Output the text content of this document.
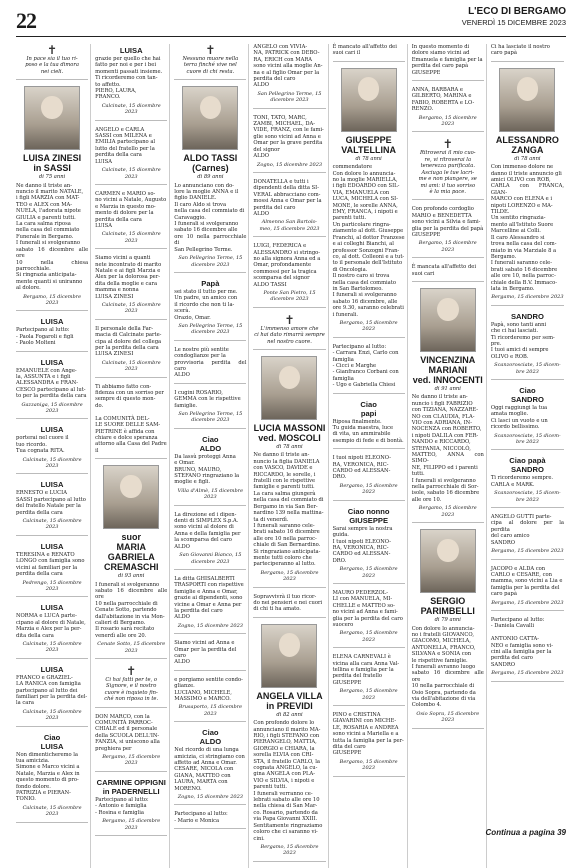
22	L'ECO DI BERGAMO
VENERDÌ 15 DICEMBRE 2023
✝
In pace sia il tuo ri-
poso e la tua dimora
nei cieli.
LUISA ZINESI
in SASSI
di 75 anni
Ne danno il triste an-
nuncio il marito NATALE,
i figli MARZIA con MAT-
TEO e ALEX con MA-
NUELA, l'adorata nipote
GIULIA e parenti tutti.
La cara salma riposa
nella casa del commiato
Funerale in Bergamo.
I funerali si svolgeranno
sabato 16 dicembre alle ore
10 nella chiesa parrocchiale.
Si ringrazia anticipata-
mente quanti si uniranno
al dolore.
Bergamo, 15 dicembre 2023
LUISA
Partecipano al lutto:
- Paola Fogaroli e figli
- Paolo Molteni
LUISA
EMANUELE con Ange-
la, ASSUNTA e i figli
ALESSANDRA e FRAN-
CESCO partecipano al lut-
to per la perdita della cara
Gazzaniga, 15 dicembre 2023
LUISA
porterai nel cuore il
tuo ricordo.
Tua cognata RITA.
Calcinate, 15 dicembre 2023
LUISA
ERNESTO e LUCIA
SASSI partecipano al lutto
del fratello Natale per la
perdita della cara
Calcinate, 15 dicembre 2023
LUISA
TERESINA e RENATO
LONGO con famiglia sono
vicini ai familiari per la
perdita della cara
Pedrengo, 15 dicembre 2023
LUISA
NORMA e LUCA parte-
cipano al dolore di Natale,
Marzia e Alex per la per-
dita della cara
Calcinate, 15 dicembre 2023
LUISA
FRANCO e GRAZIEL-
LA RANICA con famiglia
partecipano al lutto dei
familiari per la perdita del-
la cara
Calcinate, 15 dicembre 2023
Ciao
LUISA
Non dimenticheremo la
tua amicizia.
Simone e Marco vicini a
Natale, Marzia e Alex in
questo momento di pro-
fondo dolore.
PATRIZIA e PIERAN-
TONIO.
Calcinate, 15 dicembre 2023
LUISA
grazie per quello che hai
fatto per noi e per i bei
momenti passati insieme.
Ti ricorderemo con tan-
to affetto.
PIERO, LAURA,
FRANCO.
Calcinate, 15 dicembre 2023
ANGELO e CARLA
SASSI con MILENA e
EMILIA partecipano al
lutto del fratello per la
perdita della cara
LUISA
Calcinate, 15 dicembre 2023
CARMEN e MARIO so-
no vicini a Natale, Augusto
e Marzia in questo mo-
mento di dolore per la
perdita della cara
LUISA
Calcinate, 15 dicembre 2023
Siamo vicini a quanti
nete incontrato di marito
Natale e ai figli Marzia e
Alex per la dolorosa per-
dita della moglie e cara
mamma e nonna
LUISA ZINESI
Calcinate, 15 dicembre 2023
Il personale della Far-
macia di Calcinate parte-
cipa al dolore del collega
per la perdita della cara
LUISA ZINESI
Calcinate, 15 dicembre 2023
Ti abbiamo fatto con-
fidenza con un sorriso per
sempre di questo mon-
do.

La COMUNITÀ DEL-
LE SUORE DELLE SAM-
PIETRINE è affida con
chiare e dolce speranza
attorno alla Casa del Padre
il
suor
MARIA GABRIELA
CREMASCHI
di 93 anni
I funerali si svolgeranno
sabato 16 dicembre alle ore
10 nella parrocchiale di
Cenate Sotto, partendo
dall'abitazione in via Mon-
calieri di Bergamo.
Il rosario sarà recitato
venerdì alle ore 20.
Cenate Sotto, 15 dicembre 2023
✝
Ci hai fatti per te, o
Signore, e il nostro
cuore è inquieto fin-
ché non riposa in te.
DON MARCO, con la
COMUNITÀ PARROC-
CHIALE ed il personale
della SCUOLA DELL'IN-
FANZIA, si uniscono alla
preghiera per
Bergamo, 15 dicembre 2023
CARMINE OPPIGNI
in PADERNELLI
Partecipano al lutto:
- Antonio e famiglia
- Rosina e famiglia
Bergamo, 15 dicembre 2023
✝
Nessuno muore nella
terra finché vive nel
cuore di chi resta.
ALDO TASSI
(Carnes)
di 89 anni
Lo annunciano con do-
lore la moglie ANNA e il
figlio DANIELE.
Il caro Aldo si trova
nella casa del commiato di
Caravaggio.
I funerali si svolgeranno
sabato 16 dicembre alle
ore 10 nella parrocchiale di
San Pellegrino Terme.
San Pellegrino Terme, 15 dicembre 2023
Papà
sei stato il tutto per me.
Un padre, un amico con
il ricordo che non ti la-
scerà.
Orazio, Omar.
San Pellegrino Terme, 15 dicembre 2023
Le nostre più sentite
condoglianze per la
provvisoria perdita del caro
ALDO
I cugini ROSARIO,
GEMMA con le rispettive
famiglie.
San Pellegrino Terme, 15 dicembre 2023
Ciao
ALDO
Da lassù proteggi Anna
e Omar.
BRUNO, MAURO,
STEFANO ringraziano la
moglie e figli.
Villa d'Almè, 15 dicembre 2023
La direzione ed i dipen-
denti di SIMPLEX S.p.A.
sono vicini al dolore di
Anna e della famiglia per
la scomparsa del caro
ALDO
San Giovanni Bianco, 15 dicembre 2023
La ditta GHISALBERTI
TRASPORTI con rispettive
famiglie e Anna e Omar,
grazie ai dipendenti, sono
vicine a Omar e Anna per
la perdita del caro
ALDO
Zogno, 15 dicembre 2023
Siamo vicini ad Anna e
Omar per la perdita del
caro
ALDO
e porgiamo sentite condo-
glianze.
LUCIANO, MICHELE,
MASSIMO e MARCO.
Brusaporto, 15 dicembre 2023
Ciao
ALDO
Nel ricordo di una lunga
amicizia, ci stringiamo con
affetto ad Anna e Omar.
CESARE, NICOLA con
GIANA, MATTEO con
LAURA, MARTA con
MORENO.
Zogno, 15 dicembre 2023
Partecipano al lutto:
- Mario e Monica
ANGELO con VIVIA-
NA, PATRICK con DEBO-
RA, ERICH con MARA
sono vicini alla moglie An-
na e al figlio Omar per la
perdita del caro
ALDO
San Pellegrino Terme, 15 dicembre 2023
TONI, TATO, MARC,
ZAMBI, MICHAEL, DA-
VIDE, FRANZ, con le fami-
glie sono vicini ad Anna e
Omar per la grave perdita
del signor
ALDO
Zogno, 15 dicembre 2023
DONATELLA e tutti i
dipendenti della ditta SI-
VERAL abbracciano com-
mossi Anna e Omar per la
perdita del caro
ALDO
Almenno San Bartolo-
meo, 15 dicembre 2023
LUIGI, FEDERICA e
ALESSANDRO si stringo-
no alla signora Anna ed a
Omar, profondamente
commossi per la tragica
scomparsa del signor
ALDO TASSI
Ponte San Pietro, 15 dicembre 2023
✝
L'immenso amore che
ci hai dato rimarrà sempre
nel nostro cuore.
LUCIA MASSONI
ved. MOSCOLI
di 78 anni
Ne danno il triste an-
nuncio la figlia DANIELA
con VASCO, DAVIDE e
RICCARDO, le sorelle, i
fratelli con le rispettive
famiglie e parenti tutti.
La cara salma giungerà
nella casa del commiato di
Bergamo in via San Ber-
nardino 139 nella mattina-
ta di venerdì.
I funerali saranno cele-
brati sabato 16 dicembre
alle ore 10 nella parroc-
chiale di San Bernardino.
Si ringraziano anticipata-
mente tutti coloro che
parteciperanno al lutto.
Bergamo, 15 dicembre 2023
Sopravvivrà il tuo ricor-
do nei pensieri e nei cuori
di chi ti ha amato.
ANGELA VILLA
in PREVIDI
di 82 anni
Con profondo dolore lo
annunciano il marito MA-
RIO, i figli STEFANO con
PIERANGELO, MATTIA,
GIORGIO e CHIARA, la
sorella ELVIA con CRI-
STA, il fratello CARLO, la
cognata ANGELO, la cu-
gina ANGELA con PLA-
VIO e SILVIA, i nipoti e
parenti tutti.
I funerali verranno ce-
lebrati sabato alle ore 10
nella chiesa di San Mar-
co. Rosario, partendo da
via Papa Giovanni XXIII.
Sentitamente ringraziamo
coloro che ci saranno vi-
cini.
Bergamo, 15 dicembre 2023
È mancato all'affetto dei
suoi cari il
GIUSEPPE VALTELLINA
di 78 anni
commendatore
Con dolore lo annuncia-
no la moglie MARIELLA,
i figli EDOARDO con SIL-
VIA, EMANUELA con
LUCA, MICHELA con SI-
MONE, le sorelle ANNA,
EMY, FRANCA, i nipoti e
parenti tutti.
Un particolare ringra-
ziamento al dott. Giuseppe
Franchi, al dottor Franzese
e ai colleghi Bianchi, al
professor Sonzogni Fran-
co, al dott. Colleoni e a tut-
to il personale dell'Istituto
di Oncologia.
Il nostro caro si trova
nella casa del commiato
in San Bartolomeo.
I funerali si svolgeranno
sabato 16 dicembre, alle
ore 9.30, saranno celebrati
i funerali.
Bergamo, 15 dicembre 2023
Partecipano al lutto:
- Carrara Enzi, Carlo con
famiglia
- Cicci e Marghe
- Gianfranco Corbani con
famiglia
- Ugo e Gabriella Chiesi
Ciao
papi
Riposa finalmente.
Tu guida maestra, luce
di vita, un ammirabile
esempio di fede e di bontà.
I tuoi nipoti ELEONO-
RA, VERONICA, RIC-
CARDO ed ALESSAN-
DRO.
Bergamo, 15 dicembre 2023
Ciao nonno
GIUSEPPE
Sarai sempre la nostra
guida.
I tuoi nipoti ELEONO-
RA, VERONICA, RIC-
CARDO ed ALESSAN-
DRO.
Bergamo, 15 dicembre 2023
MAURO PEDERZOL-
LI con MANUELA, MI-
CHELLE e MATTEO so-
no vicini ad Anna e fami-
glia per la perdita del caro
suocero
Bergamo, 15 dicembre 2023
ELENA CARNEVALI è
vicina alla cara Anna Val-
tellina e famiglia per la
perdita del fratello
GIUSEPPE
Bergamo, 15 dicembre 2023
PINO e CRISTINA
GIAVARINI con MICHE-
LE, ROSARIA e ANDREA
sono vicini a Mariella e a
tutta la famiglia per la per-
dita del caro
GIUSEPPE
Bergamo, 15 dicembre 2023
In questo momento di
dolore siamo vicini ad
Emanuela e famiglia per la
perdita del caro papà
GIUSEPPE
ANNA, BARBARA e
GILBERTO, MARINA e
FABIO, ROBERTA e LO-
RENZO.
Bergamo, 15 dicembre 2023
✝
Ritroverai il mio cuo-
re, vi ritroverai la
tenerezza purificata.
Asciuga le tue lacri-
me e non piangere, se
mi ami: il tuo sorriso
è la mia pace.
Con profondo cordoglio
MARIO e BENEDETTA
sono vicini a Silvia e fami-
glia per la perdita del papà
GIUSEPPE
Bergamo, 15 dicembre 2023
È mancata all'affetto dei
suoi cari
VINCENZINA MARIANI
ved. INNOCENTI
di 91 anni
Ne danno il triste an-
nuncio i figli FABRIZIO
con TIZIANA, NAZZARE-
NO con CLAUDIA, FLA-
VIO con ADRIANA, IN-
NOCENZA con ROBERTO,
i nipoti DALILA con FER-
NANDO e RICCARDO,
STEFANIA, NICCOLÒ,
MATTEO, ANNA con SIMO-
NE, FILIPPO ed i parenti
tutti.
I funerali si svolgeranno
nella parrocchiale di Sor-
isole, sabato 16 dicembre
alle ore 10.
Bergamo, 15 dicembre 2023
SERGIO PARIMBELLI
di 79 anni
Con dolore lo annuncia-
no i fratelli GIOVANCO,
GIACOMO, MICHELA,
ANTONELLA, FRANCO,
SILVANA e SONIA con
le rispettive famiglie.
I funerali avranno luogo
sabato 16 dicembre alle ore
10 nella parrocchiale di
Osio Sopra, partendo da
via dell'abitazione di via
Colombo 4.
Osio Sopra, 15 dicembre 2023
Ci ha lasciate il nostro
caro papà
ALESSANDRO ZANGA
di 78 anni
Con immenso dolore ne
danno il triste annuncio gli
amici OLIVO con ROB,
CARLA con FRANCA, GIAN-
MARCO con ELENA e i
nipoti LORENZO e MA-
TILDE.
Un sentito ringrazia-
mento all'Istituto Suore
Marcelline ai Colli.
Il caro Alessandro si
trova nella casa del com-
miato in via Marziale 8 a
Bergamo.
I funerali saranno cele-
brati sabato 16 dicembre
alle ore 10, nella parroc-
chiale della B.V. Immaco-
lata in Bergamo.
Bergamo, 15 dicembre 2023
SANDRO
Papà, sono tanti anni
che ci hai lasciati.
Ti ricorderemo per sem-
pre.
I tuoi amici di sempre
OLIVO e ROB.
Scanzorosciate, 15 dicem-
bre 2023
Ciao
SANDRO
Oggi raggiungi la tua
amata moglie.
Ci lasci un vuoto e un
ricordo bellissimo.
Scanzorosciate, 15 dicem-
bre 2023
Ciao papà
SANDRO
Ti ricorderemo sempre.
CARLA e MARK.
Scanzorosciate, 15 dicem-
bre 2023
ANGELO GUTTI parte-
cipa al dolore per la perdita
del caro amico
SANDRO
Bergamo, 15 dicembre 2023
JACOPO e ALDA con
CARLO e CESARE, con
mamma, sono vicini a Lia e
famiglia per la perdita del
caro papà
Bergamo, 15 dicembre 2023
Partecipano al lutto:
- Daniela Cavalli

ANTONIO CATTA-
NEO e famiglia sono vi-
cini alla famiglia per la
perdita del caro
SANDRO
Bergamo, 15 dicembre 2023
Continua a pagina 39
